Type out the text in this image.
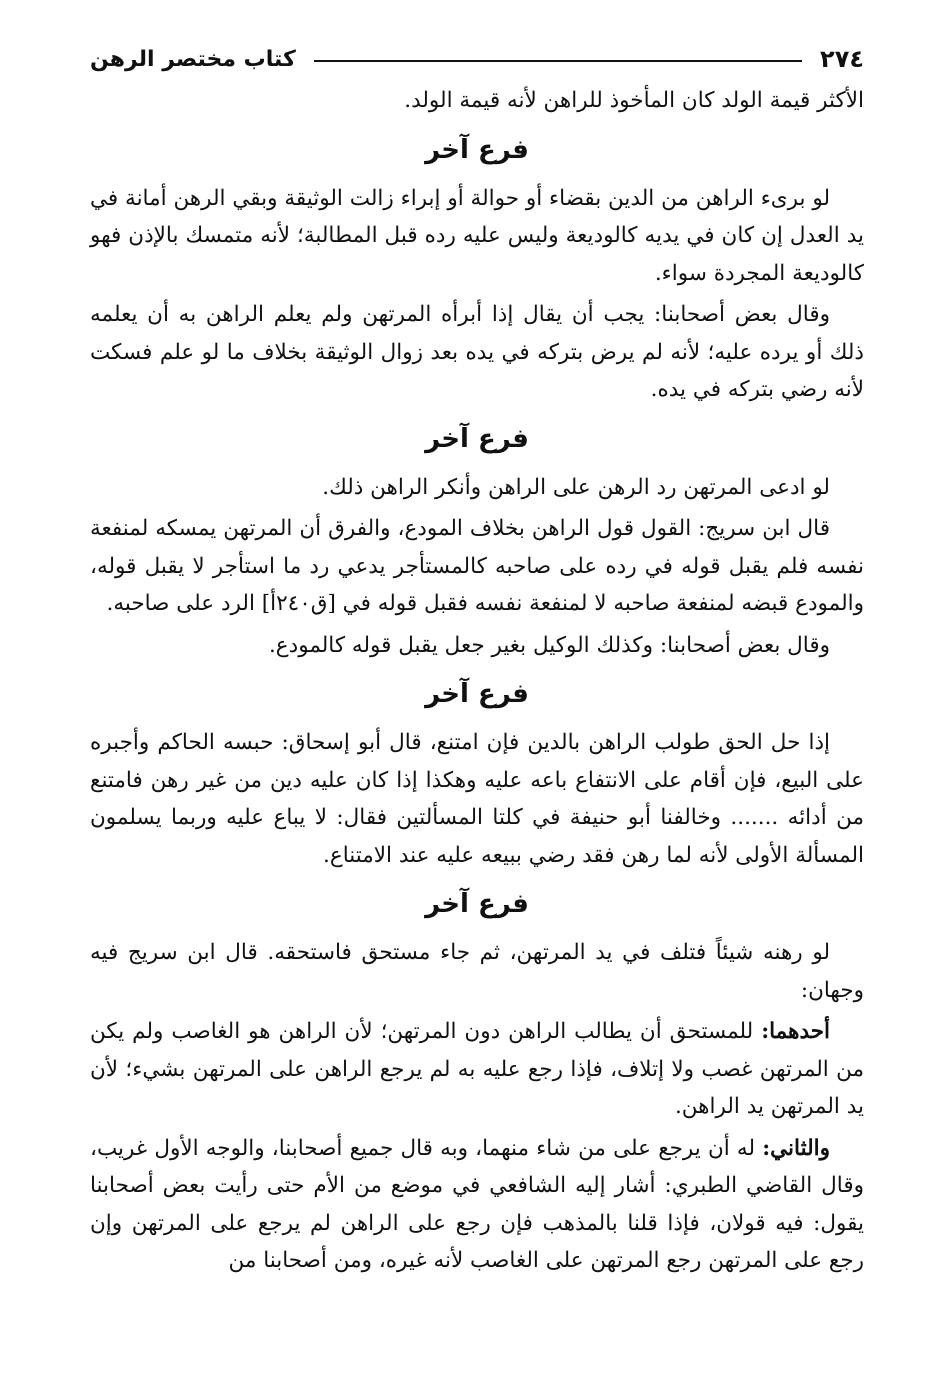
٢٧٤
كتاب مختصر الرهن

الأكثر قيمة الولد كان المأخوذ للراهن لأنه قيمة الولد.

فرع آخر

لو برىء الراهن من الدين بقضاء أو حوالة أو إبراء زالت الوثيقة وبقي الرهن أمانة في يد العدل إن كان في يديه كالوديعة وليس عليه رده قبل المطالبة؛ لأنه متمسك بالإذن فهو كالوديعة المجردة سواء.

وقال بعض أصحابنا: يجب أن يقال إذا أبرأه المرتهن ولم يعلم الراهن به أن يعلمه ذلك أو يرده عليه؛ لأنه لم يرض بتركه في يده بعد زوال الوثيقة بخلاف ما لو علم فسكت لأنه رضي بتركه في يده.

فرع آخر

لو ادعى المرتهن رد الرهن على الراهن وأنكر الراهن ذلك.

قال ابن سريج: القول قول الراهن بخلاف المودع، والفرق أن المرتهن يمسكه لمنفعة نفسه فلم يقبل قوله في رده على صاحبه كالمستأجر يدعي رد ما استأجر لا يقبل قوله، والمودع قبضه لمنفعة صاحبه لا لمنفعة نفسه فقبل قوله في [ق٢٤٠أ] الرد على صاحبه.

وقال بعض أصحابنا: وكذلك الوكيل بغير جعل يقبل قوله كالمودع.

فرع آخر

إذا حل الحق طولب الراهن بالدين فإن امتنع، قال أبو إسحاق: حبسه الحاكم وأجبره على البيع، فإن أقام على الانتفاع باعه عليه وهكذا إذا كان عليه دين من غير رهن فامتنع من أدائه ....... وخالفنا أبو حنيفة في كلتا المسألتين فقال: لا يباع عليه وربما يسلمون المسألة الأولى لأنه لما رهن فقد رضي ببيعه عليه عند الامتناع.

فرع آخر

لو رهنه شيئاً فتلف في يد المرتهن، ثم جاء مستحق فاستحقه. قال ابن سريج فيه وجهان:

أحدهما: للمستحق أن يطالب الراهن دون المرتهن؛ لأن الراهن هو الغاصب ولم يكن من المرتهن غصب ولا إتلاف، فإذا رجع عليه به لم يرجع الراهن على المرتهن بشيء؛ لأن يد المرتهن يد الراهن.

والثاني: له أن يرجع على من شاء منهما، وبه قال جميع أصحابنا، والوجه الأول غريب، وقال القاضي الطبري: أشار إليه الشافعي في موضع من الأم حتى رأيت بعض أصحابنا يقول: فيه قولان، فإذا قلنا بالمذهب فإن رجع على الراهن لم يرجع على المرتهن وإن رجع على المرتهن رجع المرتهن على الغاصب لأنه غيره، ومن أصحابنا من
